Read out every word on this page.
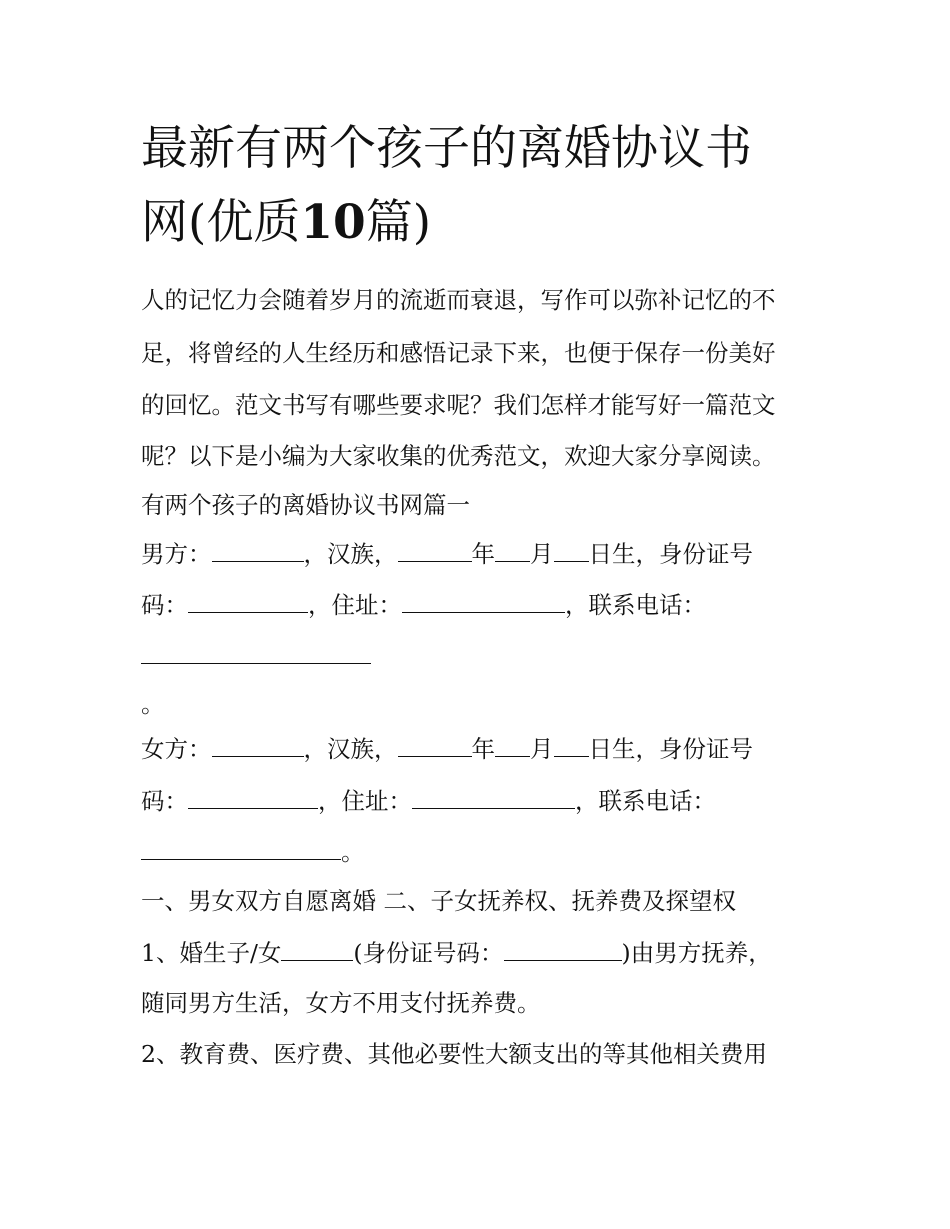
最新有两个孩子的离婚协议书
网(优质10篇)

人的记忆力会随着岁月的流逝而衰退，写作可以弥补记忆的不

足，将曾经的人生经历和感悟记录下来，也便于保存一份美好

的回忆。范文书写有哪些要求呢？我们怎样才能写好一篇范文

呢？以下是小编为大家收集的优秀范文，欢迎大家分享阅读。

有两个孩子的离婚协议书网篇一

男方：	，汉族，	年 月 日生，身份证号

码：	，住址：	，联系电话：

。

女方：	，汉族，	年 月 日生，身份证号

码：	，住址：	，联系电话：

。

一、男女双方自愿离婚 二、子女抚养权、抚养费及探望权

1、婚生子/女	(身份证号码：	)由男方抚养，

随同男方生活，女方不用支付抚养费。

2、教育费、医疗费、其他必要性大额支出的等其他相关费用
